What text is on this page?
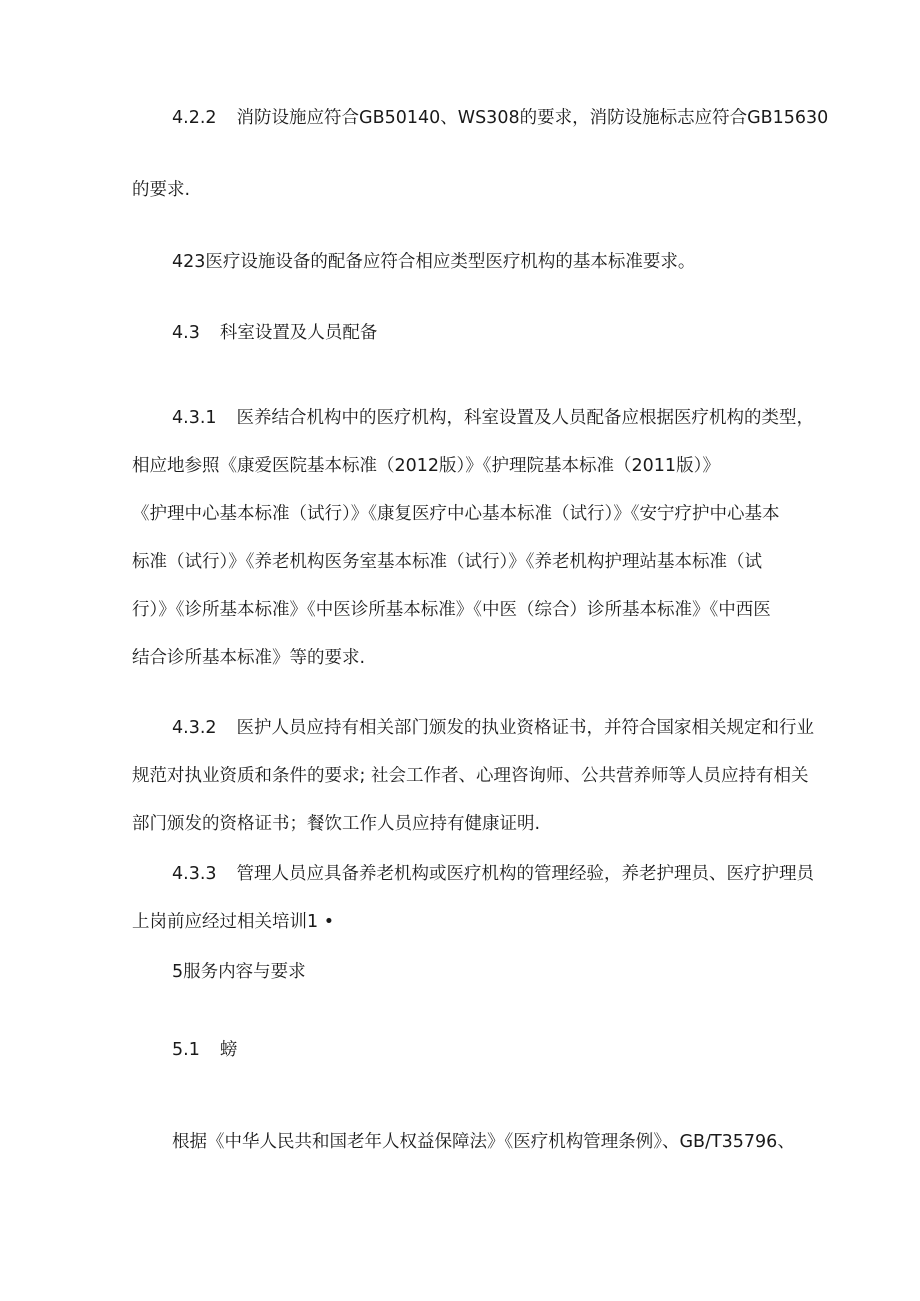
4.2.2 消防设施应符合GB50140、WS308的要求，消防设施标志应符合GB15630
的要求.
423医疗设施设备的配备应符合相应类型医疗机构的基本标准要求。
4.3 科室设置及人员配备
4.3.1 医养结合机构中的医疗机构，科室设置及人员配备应根据医疗机构的类型，
相应地参照《康爱医院基本标准（2012版）》《护理院基本标准（2011版）》
《护理中心基本标准（试行）》《康复医疗中心基本标准（试行）》《安宁疗护中心基本
标准（试行）》《养老机构医务室基本标准（试行）》《养老机构护理站基本标准（试
行）》《诊所基本标准》《中医诊所基本标准》《中医（综合）诊所基本标准》《中西医
结合诊所基本标准》等的要求.
4.3.2 医护人员应持有相关部门颁发的执业资格证书，并符合国家相关规定和行业
规范对执业资质和条件的要求; 社会工作者、心理咨询师、公共营养师等人员应持有相关
部门颁发的资格证书；餐饮工作人员应持有健康证明.
4.3.3 管理人员应具备养老机构或医疗机构的管理经验，养老护理员、医疗护理员
上岗前应经过相关培训1 •
5服务内容与要求
5.1 螃
根据《中华人民共和国老年人权益保障法》《医疗机构管理条例》、GB/T35796、
